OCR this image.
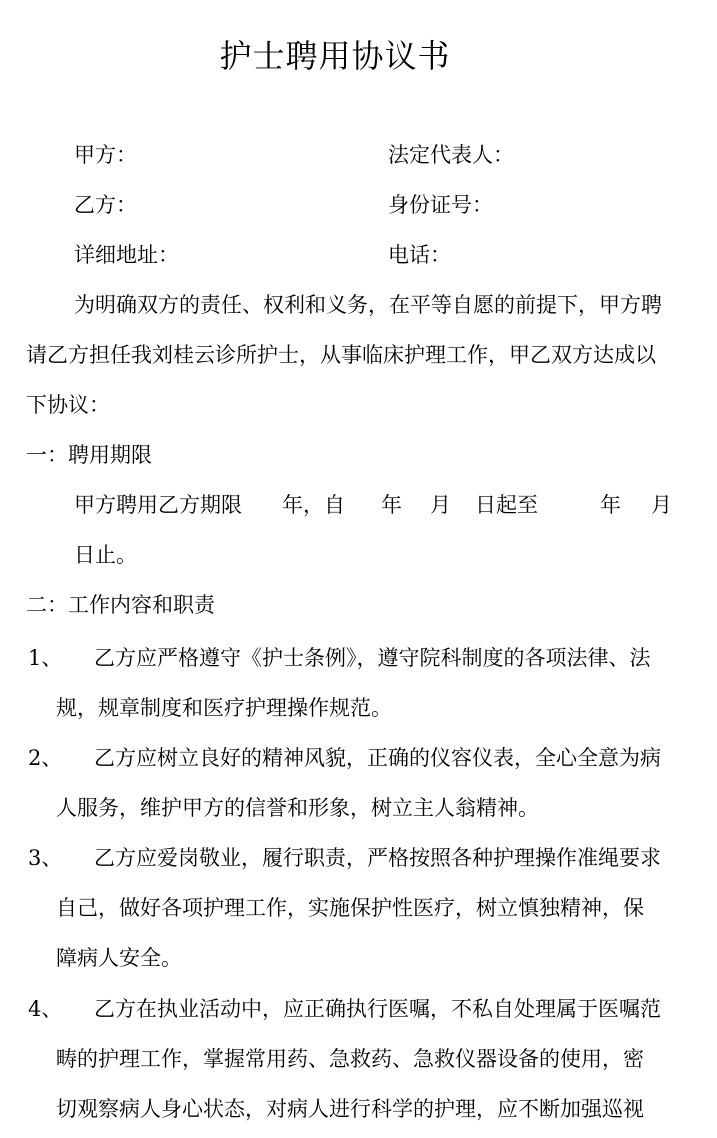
护士聘用协议书
甲方：	法定代表人：
乙方：	身份证号：
详细地址：	电话：
为明确双方的责任、权利和义务，在平等自愿的前提下，甲方聘
请乙方担任我刘桂云诊所护士，从事临床护理工作，甲乙双方达成以
下协议：
一：聘用期限
甲方聘用乙方期限 年，自 年 月 日起至	年 月
日止。
二：工作内容和职责
1、 乙方应严格遵守《护士条例》，遵守院科制度的各项法律、法
规，规章制度和医疗护理操作规范。
2、 乙方应树立良好的精神风貌，正确的仪容仪表，全心全意为病
人服务，维护甲方的信誉和形象，树立主人翁精神。
3、 乙方应爱岗敬业，履行职责，严格按照各种护理操作准绳要求
自己，做好各项护理工作，实施保护性医疗，树立慎独精神，保
障病人安全。
4、 乙方在执业活动中，应正确执行医嘱，不私自处理属于医嘱范
畴的护理工作，掌握常用药、急救药、急救仪器设备的使用，密
切观察病人身心状态，对病人进行科学的护理，应不断加强巡视
